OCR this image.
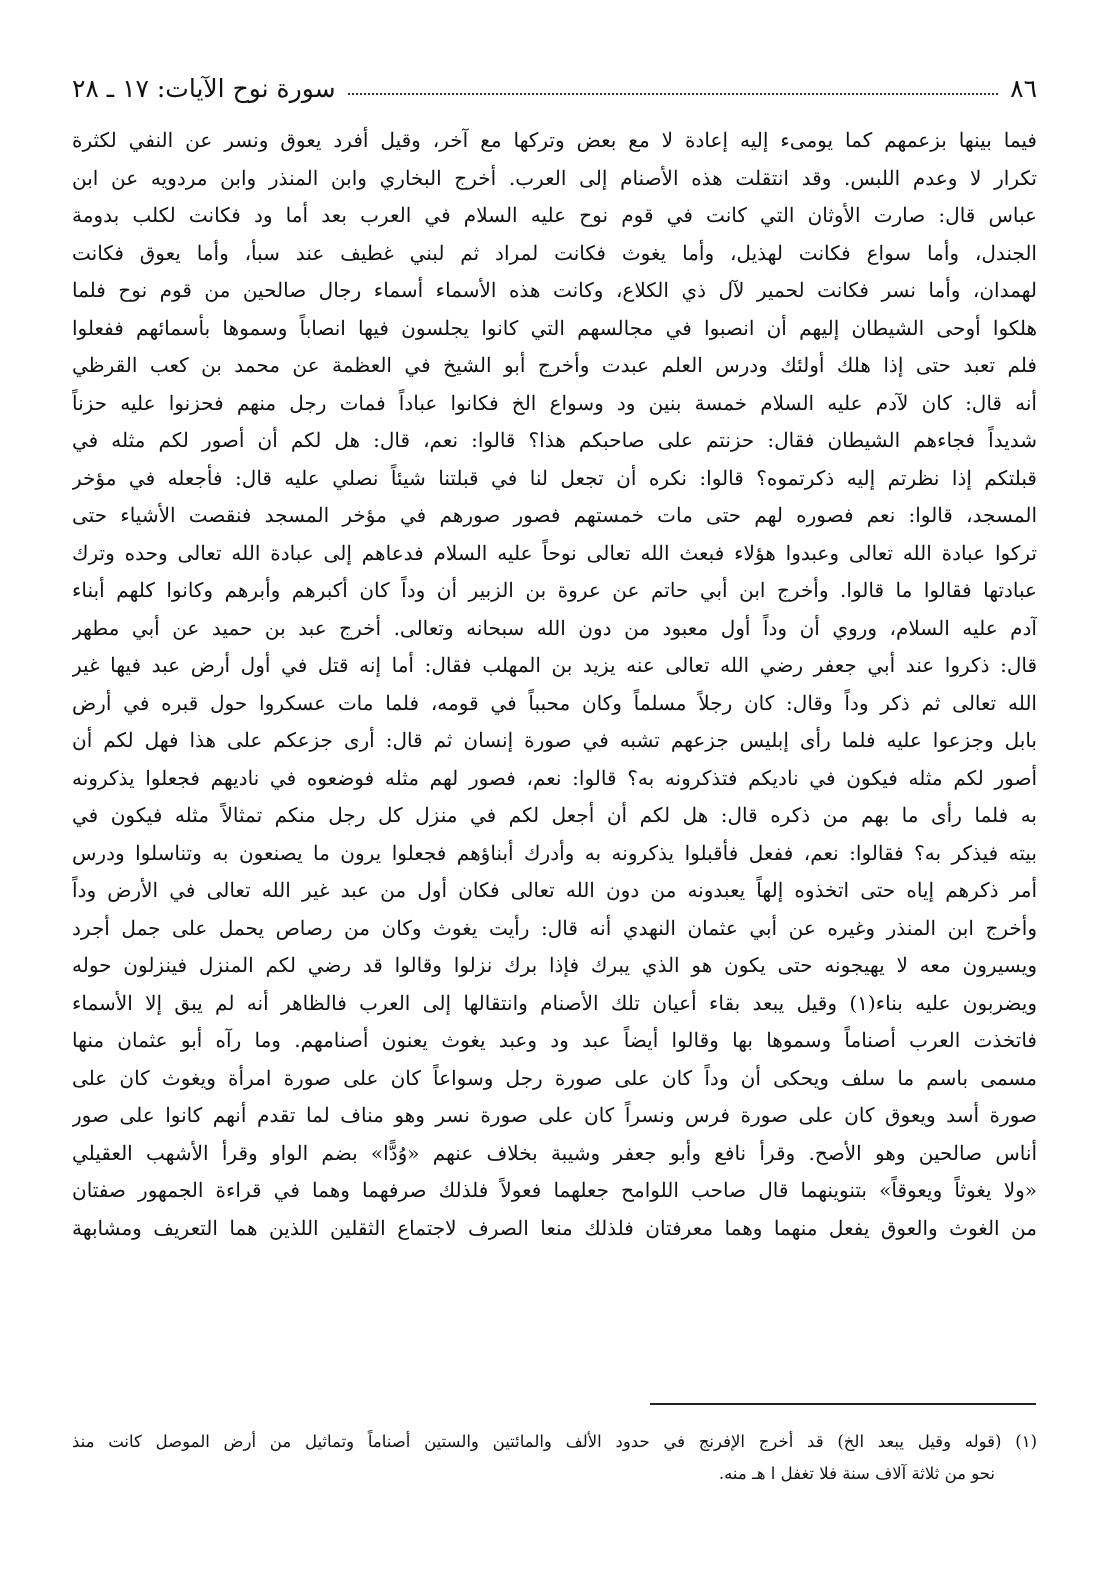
٨٦
سورة نوح الآيات: ١٧ ـ ٢٨
فيما بينها بزعمهم كما يومىء إليه إعادة لا مع بعض وتركها مع آخر، وقيل أفرد يعوق ونسر عن النفي لكثرة
تكرار لا وعدم اللبس. وقد انتقلت هذه الأصنام إلى العرب. أخرج البخاري وابن المنذر وابن مردويه عن ابن
عباس قال: صارت الأوثان التي كانت في قوم نوح عليه السلام في العرب بعد أما ود فكانت لكلب بدومة
الجندل، وأما سواع فكانت لهذيل، وأما يغوث فكانت لمراد ثم لبني غطيف عند سبأ، وأما يعوق فكانت
لهمدان، وأما نسر فكانت لحمير لآل ذي الكلاع، وكانت هذه الأسماء أسماء رجال صالحين من قوم نوح فلما
هلكوا أوحى الشيطان إليهم أن انصبوا في مجالسهم التي كانوا يجلسون فيها انصاباً وسموها بأسمائهم ففعلوا
فلم تعبد حتى إذا هلك أولئك ودرس العلم عبدت وأخرج أبو الشيخ في العظمة عن محمد بن كعب القرظي
أنه قال: كان لآدم عليه السلام خمسة بنين ود وسواع الخ فكانوا عباداً فمات رجل منهم فحزنوا عليه حزناً
شديداً فجاءهم الشيطان فقال: حزنتم على صاحبكم هذا؟ قالوا: نعم، قال: هل لكم أن أصور لكم مثله في
قبلتكم إذا نظرتم إليه ذكرتموه؟ قالوا: نكره أن تجعل لنا في قبلتنا شيئاً نصلي عليه قال: فأجعله في مؤخر
المسجد، قالوا: نعم فصوره لهم حتى مات خمستهم فصور صورهم في مؤخر المسجد فنقصت الأشياء حتى
تركوا عبادة الله تعالى وعبدوا هؤلاء فبعث الله تعالى نوحاً عليه السلام فدعاهم إلى عبادة الله تعالى وحده وترك
عبادتها فقالوا ما قالوا. وأخرج ابن أبي حاتم عن عروة بن الزبير أن وداً كان أكبرهم وأبرهم وكانوا كلهم أبناء
آدم عليه السلام، وروي أن وداً أول معبود من دون الله سبحانه وتعالى. أخرج عبد بن حميد عن أبي مطهر
قال: ذكروا عند أبي جعفر رضي الله تعالى عنه يزيد بن المهلب فقال: أما إنه قتل في أول أرض عبد فيها غير
الله تعالى ثم ذكر وداً وقال: كان رجلاً مسلماً وكان محبباً في قومه، فلما مات عسكروا حول قبره في أرض
بابل وجزعوا عليه فلما رأى إبليس جزعهم تشبه في صورة إنسان ثم قال: أرى جزعكم على هذا فهل لكم أن
أصور لكم مثله فيكون في ناديكم فتذكرونه به؟ قالوا: نعم، فصور لهم مثله فوضعوه في ناديهم فجعلوا يذكرونه
به فلما رأى ما بهم من ذكره قال: هل لكم أن أجعل لكم في منزل كل رجل منكم تمثالاً مثله فيكون في
بيته فيذكر به؟ فقالوا: نعم، ففعل فأقبلوا يذكرونه به وأدرك أبناؤهم فجعلوا يرون ما يصنعون به وتناسلوا ودرس
أمر ذكرهم إياه حتى اتخذوه إلهاً يعبدونه من دون الله تعالى فكان أول من عبد غير الله تعالى في الأرض وداً
وأخرج ابن المنذر وغيره عن أبي عثمان النهدي أنه قال: رأيت يغوث وكان من رصاص يحمل على جمل أجرد
ويسيرون معه لا يهيجونه حتى يكون هو الذي يبرك فإذا برك نزلوا وقالوا قد رضي لكم المنزل فينزلون حوله
ويضربون عليه بناء(١) وقيل يبعد بقاء أعيان تلك الأصنام وانتقالها إلى العرب فالظاهر أنه لم يبق إلا الأسماء
فاتخذت العرب أصناماً وسموها بها وقالوا أيضاً عبد ود وعبد يغوث يعنون أصنامهم. وما رآه أبو عثمان منها
مسمى باسم ما سلف ويحكى أن وداً كان على صورة رجل وسواعاً كان على صورة امرأة ويغوث كان على
صورة أسد ويعوق كان على صورة فرس ونسراً كان على صورة نسر وهو مناف لما تقدم أنهم كانوا على صور
أناس صالحين وهو الأصح. وقرأ نافع وأبو جعفر وشيبة بخلاف عنهم «وُدًّا» بضم الواو وقرأ الأشهب العقيلي
«ولا يغوثاً ويعوقاً» بتنوينهما قال صاحب اللوامح جعلهما فعولاً فلذلك صرفهما وهما في قراءة الجمهور صفتان
من الغوث والعوق يفعل منهما وهما معرفتان فلذلك منعا الصرف لاجتماع الثقلين اللذين هما التعريف ومشابهة
(١) (قوله وقيل يبعد الخ) قد أخرج الإفرنج في حدود الألف والمائتين والستين أصناماً وتماثيل من أرض الموصل كانت منذ
نحو من ثلاثة آلاف سنة فلا تغفل ا هـ منه.
